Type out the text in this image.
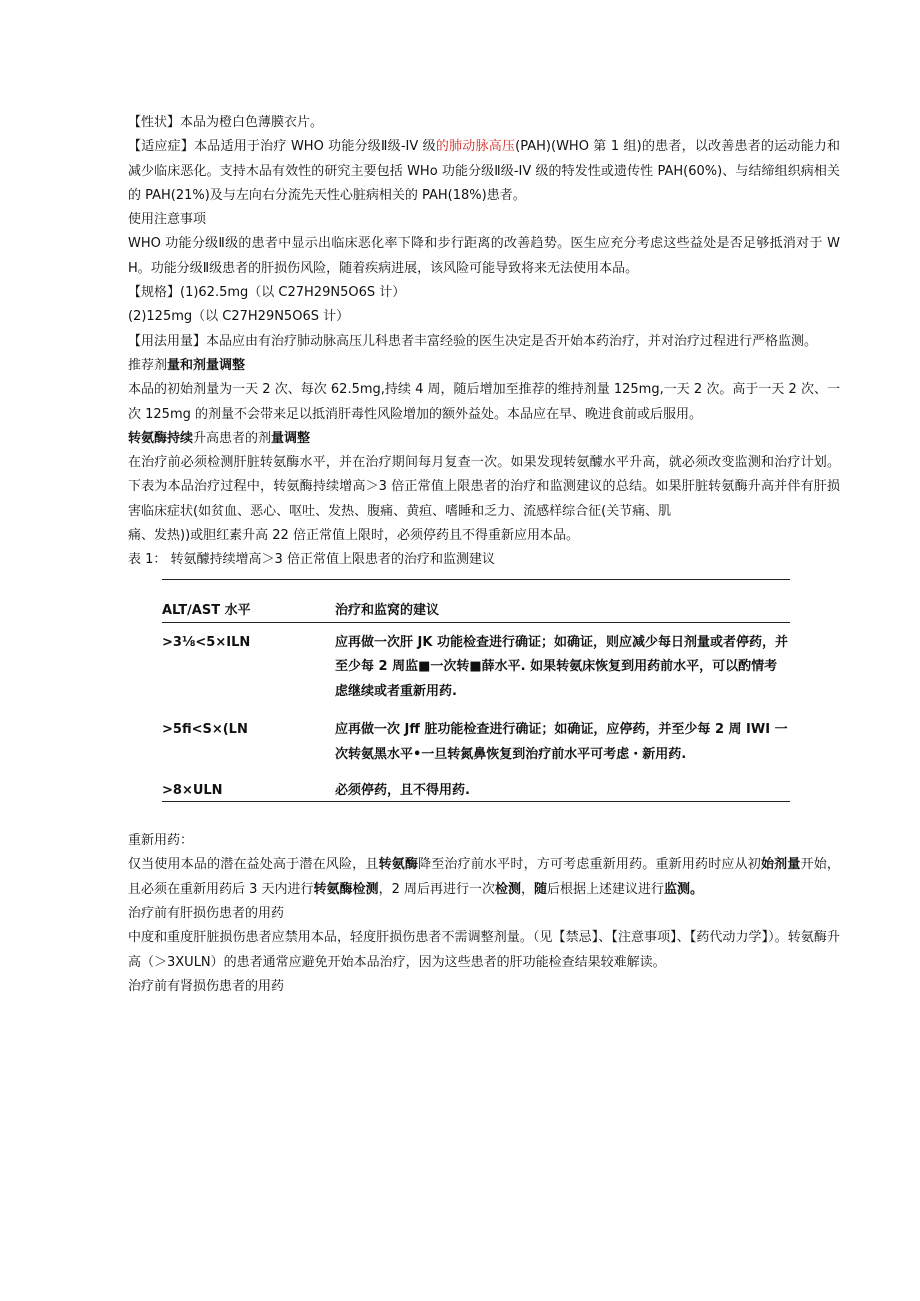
【性状】本品为橙白色薄膜衣片。

【适应症】本品适用于治疗 WHO 功能分级Ⅱ级-IV 级的肺动脉高压(PAH)(WHO 第 1 组)的患者，以改善患者的运动能力和减少临床恶化。支持木品有效性的研究主要包括 WHo 功能分级Ⅱ级-IV 级的特发性或遗传性 PAH(60%)、与结缔组织病相关的 PAH(21%)及与左向右分流先天性心脏病相关的 PAH(18%)患者。

使用注意事项

WHO 功能分级Ⅱ级的患者中显示出临床恶化率下降和步行距离的改善趋势。医生应充分考虑这些益处是否足够抵消对于 WH。功能分级Ⅱ级患者的肝损伤风险，随着疾病进展，该风险可能导致将来无法使用本品。

【规格】(1)62.5mg（以 C27H29N5O6S 计）

(2)125mg（以 C27H29N5O6S 计）

【用法用量】本品应由有治疗肺动脉高压儿科患者丰富经验的医生决定是否开始本药治疗，并对治疗过程进行严格监测。

推荐剂量和剂量调整

本品的初始剂量为一天 2 次、每次 62.5mg,持续 4 周，随后增加至推荐的维持剂量 125mg,一天 2 次。高于一天 2 次、一次 125mg 的剂量不会带来足以抵消肝毒性风险增加的额外益处。本品应在早、晚进食前或后服用。

转氨酶持续升高患者的剂量调整

在治疗前必须检测肝脏转氨酶水平，并在治疗期间每月复查一次。如果发现转氨醵水平升高，就必须改变监测和治疗计划。下表为本品治疗过程中，转氨酶持续增高＞3 倍正常值上限患者的治疗和监测建议的总结。如果肝脏转氨酶升高并伴有肝损害临床症状(如贫血、恶心、呕吐、发热、腹痛、黄疸、嗜睡和乏力、流感样综合征(关节痛、肌

痛、发热))或胆红素升高 22 倍正常值上限时，必须停药且不得重新应用本品。

表 1： 转氨醵持续增高＞3 倍正常值上限患者的治疗和监测建议

ALT∕AST 水平	治疗和监窝的建议
>3⅛<5×ILN	应再做一次肝 JK 功能检查进行确证；如确证，则应减少每日剂量或者停药，并至少每 2 周监■一次转■薛水平. 如果转氨床恢复到用药前水平，可以酌情考虑继续或者重新用药.
>5fi<S×(LN	应再做一次 Jff 脏功能检查进行确证；如确证，应停药，并至少每 2 周 IWI 一次转氨黑水平•一旦转氮鼻恢复到治疗前水平可考虑・新用药.
>8×ULN	必须停药，且不得用药.

重新用药：

仅当使用本品的潜在益处高于潜在风险，且转氨酶降至治疗前水平时，方可考虑重新用药。重新用药时应从初始剂量开始，且必须在重新用药后 3 天内进行转氨酶检测，2 周后再进行一次检测，随后根据上述建议进行监测。

治疗前有肝损伤患者的用药

中度和重度肝脏损伤患者应禁用本品，轻度肝损伤患者不需调整剂量。（见【禁忌】、【注意事项】、【药代动力学】）。转氨酶升高（＞3XULN）的患者通常应避免开始本品治疗，因为这些患者的肝功能检查结果较难解读。

治疗前有肾损伤患者的用药
